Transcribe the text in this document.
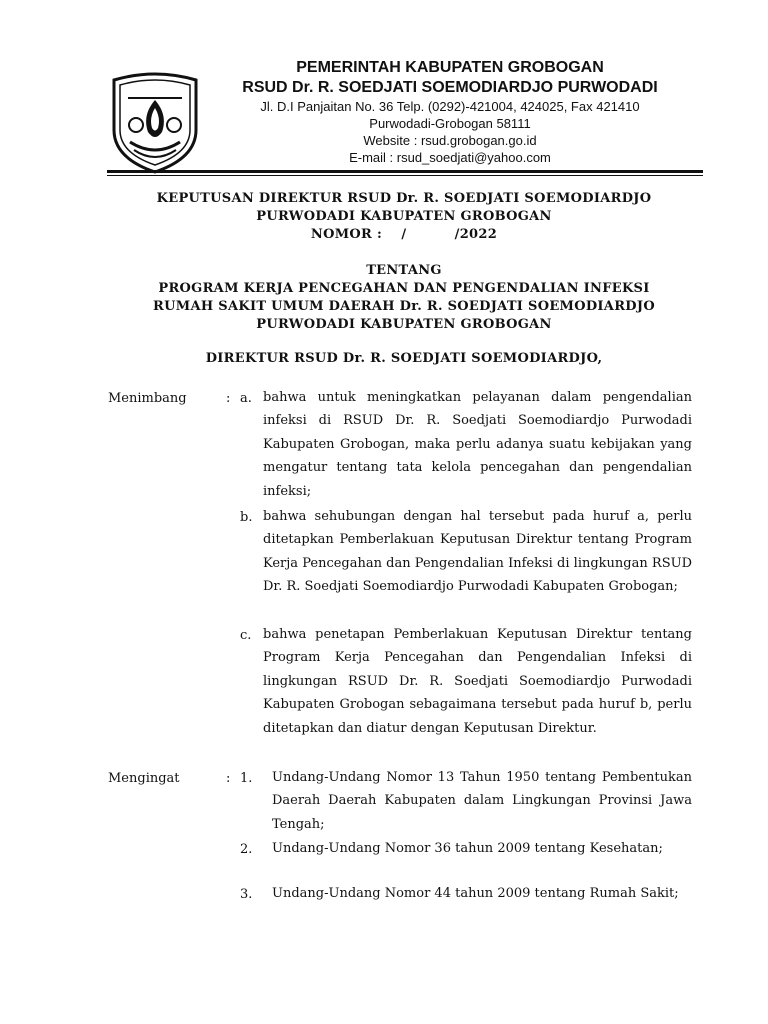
PEMERINTAH KABUPATEN GROBOGAN
RSUD Dr. R. SOEDJATI SOEMODIARDJO PURWODADI
Jl. D.I Panjaitan No. 36 Telp. (0292)-421004, 424025, Fax 421410
Purwodadi-Grobogan 58111
Website : rsud.grobogan.go.id
E-mail : rsud_soedjati@yahoo.com
KEPUTUSAN DIREKTUR RSUD Dr. R. SOEDJATI SOEMODIARDJO
PURWODADI KABUPATEN GROBOGAN
NOMOR :    /          /2022
TENTANG
PROGRAM KERJA PENCEGAHAN DAN PENGENDALIAN INFEKSI
RUMAH SAKIT UMUM DAERAH Dr. R. SOEDJATI SOEMODIARDJO
PURWODADI KABUPATEN GROBOGAN
DIREKTUR RSUD Dr. R. SOEDJATI SOEMODIARDJO,
Menimbang	: a. bahwa untuk meningkatkan pelayanan dalam pengendalian infeksi di RSUD Dr. R. Soedjati Soemodiardjo Purwodadi Kabupaten Grobogan, maka perlu adanya suatu kebijakan yang mengatur tentang tata kelola pencegahan dan pengendalian infeksi;
b. bahwa sehubungan dengan hal tersebut pada huruf a, perlu ditetapkan Pemberlakuan Keputusan Direktur tentang Program Kerja Pencegahan dan Pengendalian Infeksi di lingkungan RSUD Dr. R. Soedjati Soemodiardjo Purwodadi Kabupaten Grobogan;
c. bahwa penetapan Pemberlakuan Keputusan Direktur tentang Program Kerja Pencegahan dan Pengendalian Infeksi di lingkungan RSUD Dr. R. Soedjati Soemodiardjo Purwodadi Kabupaten Grobogan sebagaimana tersebut pada huruf b, perlu ditetapkan dan diatur dengan Keputusan Direktur.
Mengingat	: 1. Undang-Undang Nomor 13 Tahun 1950 tentang Pembentukan Daerah Daerah Kabupaten dalam Lingkungan Provinsi Jawa Tengah;
2. Undang-Undang Nomor 36 tahun 2009 tentang Kesehatan;
3. Undang-Undang Nomor 44 tahun 2009 tentang Rumah Sakit;
